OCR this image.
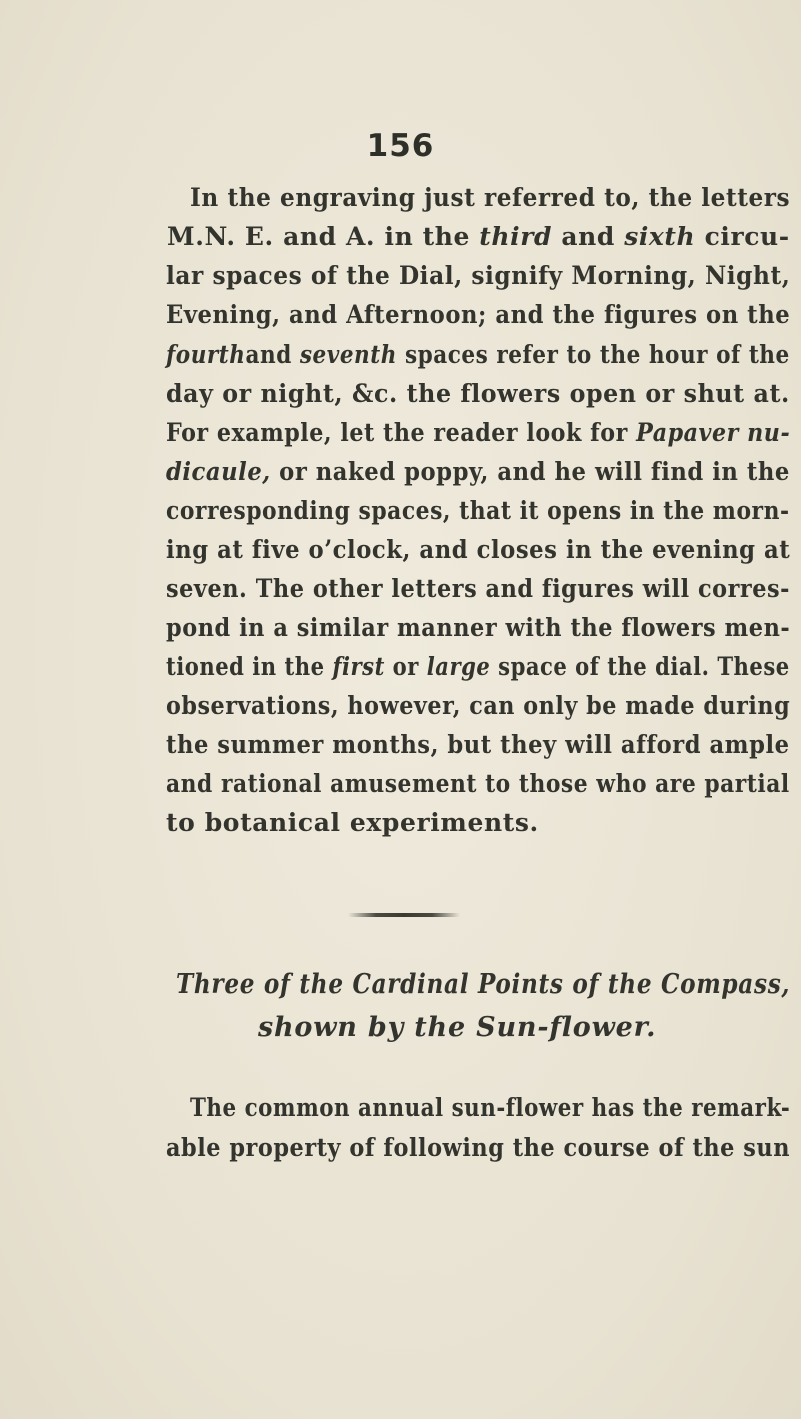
156
In the engraving just referred to, the letters
M.N. E. and A. in the third and sixth circu-
lar spaces of the Dial, signify Morning, Night,
Evening, and Afternoon; and the figures on the
fourthand seventh spaces refer to the hour of the
day or night, &c. the flowers open or shut at.
For example, let the reader look for Papaver nu-
dicaule, or naked poppy, and he will find in the
corresponding spaces, that it opens in the morn-
ing at five o’clock, and closes in the evening at
seven. The other letters and figures will corres-
pond in a similar manner with the flowers men-
tioned in the first or large space of the dial. These
observations, however, can only be made during
the summer months, but they will afford ample
and rational amusement to those who are partial
to botanical experiments.
Three of the Cardinal Points of the Compass,
shown by the Sun-flower.
The common annual sun-flower has the remark-
able property of following the course of the sun
